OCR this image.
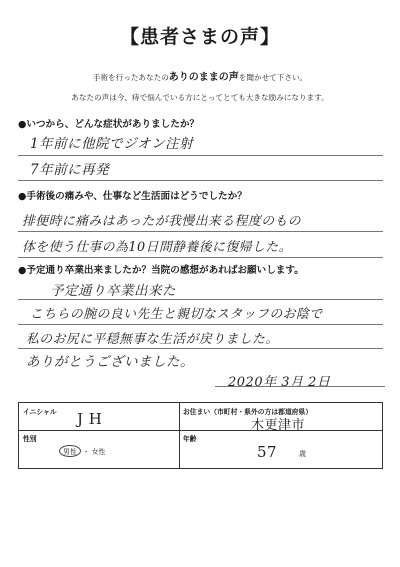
【患者さまの声】
手術を行ったあなたのありのままの声を聞かせて下さい。
あなたの声は今、痔で悩んでいる方にとってとても大きな励みになります。
●いつから、どんな症状がありましたか？
1年前に他院でジオン注射
7年前に再発
●手術後の痛みや、仕事など生活面はどうでしたか？
排便時に痛みはあったが我慢出来る程度のもの
体を使う仕事の為10日間静養後に復帰した。
●予定通り卒業出来ましたか？当院の感想があればお願いします。
予定通り卒業出来た
こちらの腕の良い先生と親切なスタッフのお陰で
私のお尻に平穏無事な生活が戻りました。
ありがとうございました。
2020年 3月 2日
イニシャル J H	お住まい（市町村・県外の方は都道府県）
木更津市
性別
男性 ・ 女性
年齢
57	歳
